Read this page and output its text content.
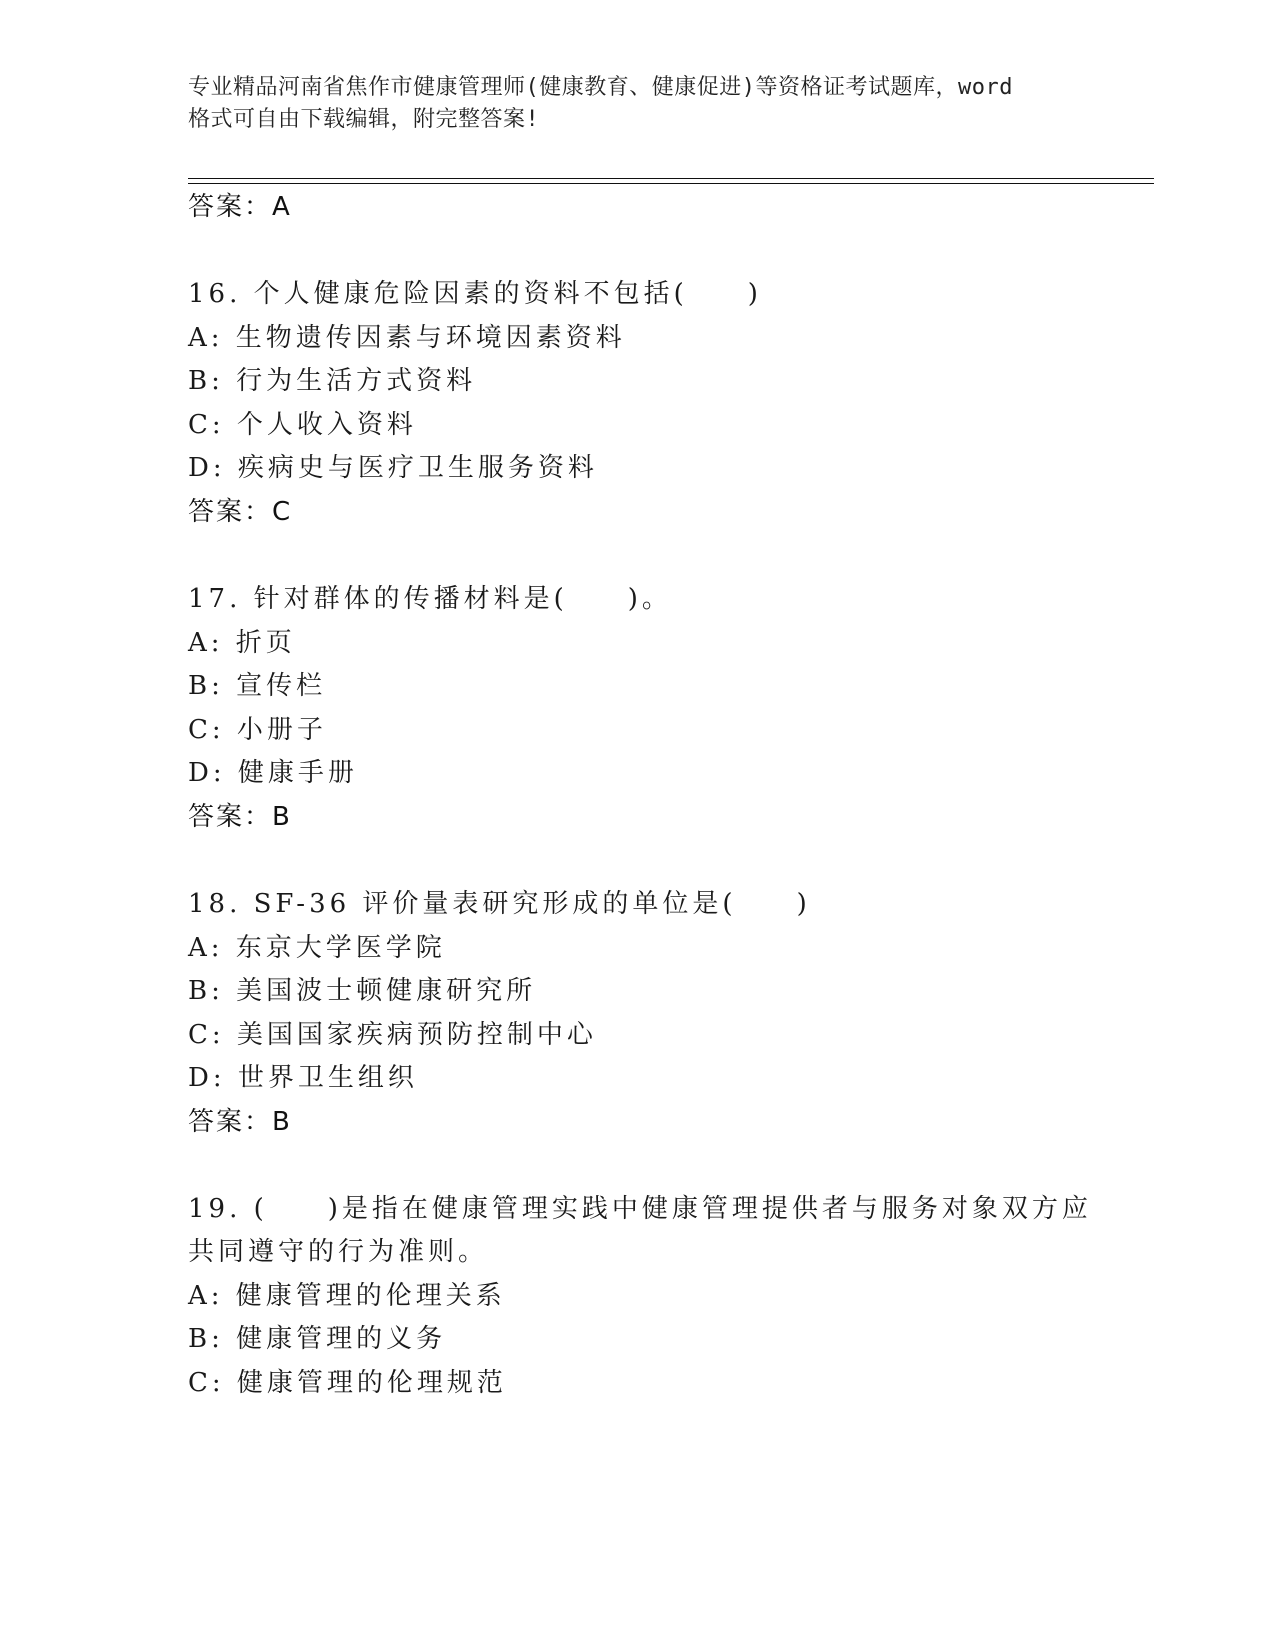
专业精品河南省焦作市健康管理师(健康教育、健康促进)等资格证考试题库，word
格式可自由下载编辑，附完整答案!
答案：A
16. 个人健康危险因素的资料不包括(　　)
A: 生物遗传因素与环境因素资料
B: 行为生活方式资料
C: 个人收入资料
D: 疾病史与医疗卫生服务资料
答案：C
17. 针对群体的传播材料是(　　)。
A: 折页
B: 宣传栏
C: 小册子
D: 健康手册
答案：B
18. SF-36 评价量表研究形成的单位是(　　)
A: 东京大学医学院
B: 美国波士顿健康研究所
C: 美国国家疾病预防控制中心
D: 世界卫生组织
答案：B
19. (　　)是指在健康管理实践中健康管理提供者与服务对象双方应
共同遵守的行为准则。
A: 健康管理的伦理关系
B: 健康管理的义务
C: 健康管理的伦理规范
